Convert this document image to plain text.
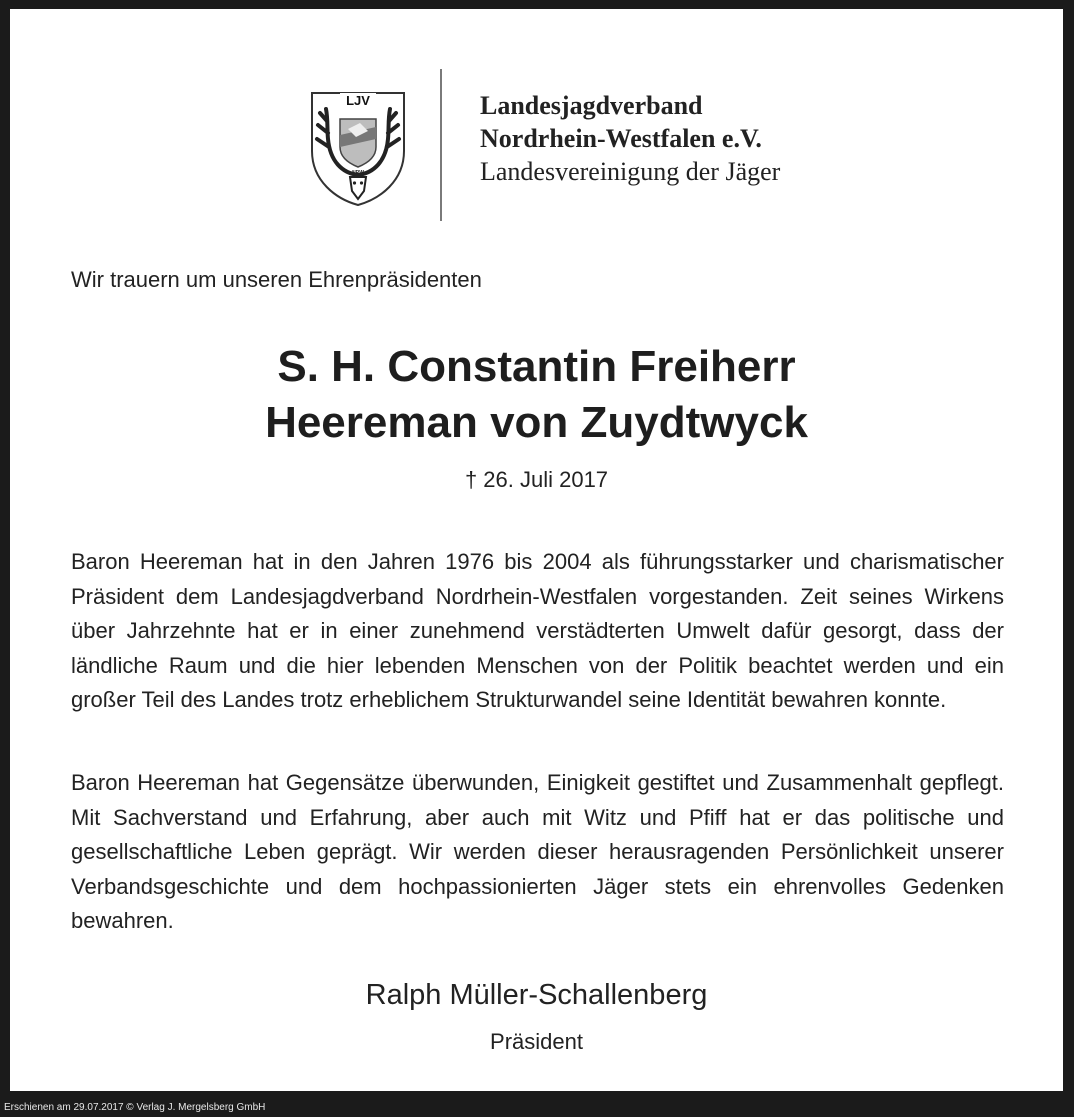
LJV
NRW
Landesjagdverband
Nordrhein-Westfalen e.V.
Landesvereinigung der Jäger
Wir trauern um unseren Ehrenpräsidenten
S. H. Constantin Freiherr
Heereman von Zuydtwyck
† 26. Juli 2017

Baron Heereman hat in den Jahren 1976 bis 2004 als führungsstarker und charismatischer Präsident dem Landesjagdverband Nordrhein-Westfalen vorgestanden. Zeit seines Wirkens über Jahrzehnte hat er in einer zunehmend verstädterten Umwelt dafür gesorgt, dass der ländliche Raum und die hier lebenden Menschen von der Politik beachtet werden und ein großer Teil des Landes trotz erheblichem Strukturwandel seine Identität bewahren konnte.

Baron Heereman hat Gegensätze überwunden, Einigkeit gestiftet und Zusammenhalt gepflegt. Mit Sachverstand und Erfahrung, aber auch mit Witz und Pfiff hat er das politische und gesellschaftliche Leben geprägt. Wir werden dieser herausragenden Persönlichkeit unserer Verbandsgeschichte und dem hochpassionierten Jäger stets ein ehrenvolles Gedenken bewahren.

Ralph Müller-Schallenberg
Präsident
Erschienen am 29.07.2017 © Verlag J. Mergelsberg GmbH
